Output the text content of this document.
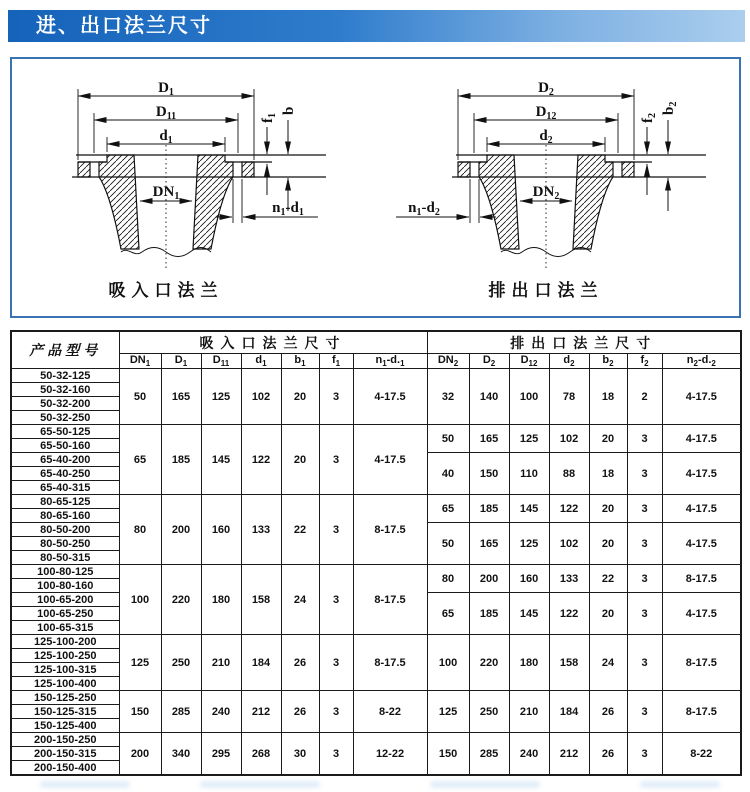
进、出口法兰尺寸
$D_1$
$D_{11}$
$d_1$
$DN_1$
$f_1$
b
$n_1-d_1$
吸入口法兰
$D_2$
$D_{12}$
$d_2$
$DN_2$
$f_2$
$b_2$
$n_1-d_2$
排出口法兰
产品型号	吸入口法兰尺寸							排出口法兰尺寸						
	$DN_1$	$D_1$	$D_{11}$	$d_1$	$b_1$	$f_1$	$n_1-d._1$	$DN_2$	$D_2$	$D_{12}$	$d_2$	$b_2$	$f_2$	$n_2-d._2$
50-32-125	50	165	125	102	20	3	4-17.5	32	140	100	78	18	2	4-17.5
50-32-160														
50-32-200														
50-32-250														
65-50-125	65	185	145	122	20	3	4-17.5	50	165	125	102	20	3	4-17.5
65-50-160														
65-40-200								40	150	110	88	18	3	4-17.5
65-40-250														
65-40-315														
80-65-125	80	200	160	133	22	3	8-17.5	65	185	145	122	20	3	4-17.5
80-65-160														
80-50-200								50	165	125	102	20	3	4-17.5
80-50-250														
80-50-315														
100-80-125	100	220	180	158	24	3	8-17.5	80	200	160	133	22	3	8-17.5
100-80-160														
100-65-200								65	185	145	122	20	3	4-17.5
100-65-250														
100-65-315														
125-100-200	125	250	210	184	26	3	8-17.5	100	220	180	158	24	3	8-17.5
125-100-250														
125-100-315														
125-100-400														
150-125-250	150	285	240	212	26	3	8-22	125	250	210	184	26	3	8-17.5
150-125-315														
150-125-400														
200-150-250	200	340	295	268	30	3	12-22	150	285	240	212	26	3	8-22
200-150-315														
200-150-400														
